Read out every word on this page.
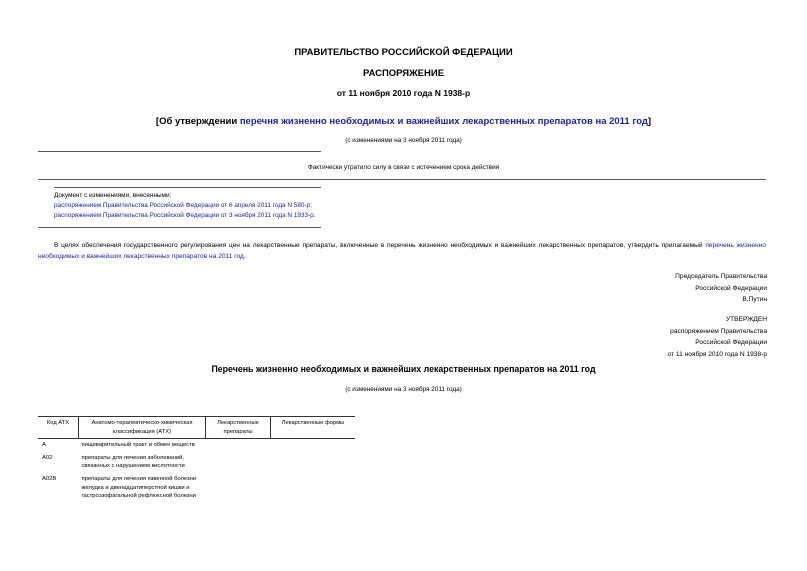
ПРАВИТЕЛЬСТВО РОССИЙСКОЙ ФЕДЕРАЦИИ
РАСПОРЯЖЕНИЕ
от 11 ноября 2010 года N 1938-р
[Об утверждении перечня жизненно необходимых и важнейших лекарственных препаратов на 2011 год]
(с изменениями на 3 ноября 2011 года)
Фактически утратило силу в связи с истечением срока действия
Документ с изменениями, внесенными:
распоряжением Правительства Российской Федерации от 6 апреля 2011 года N 580-р;
распоряжением Правительства Российской Федерации от 3 ноября 2011 года N 1933-р.
В целях обеспечения государственного регулирования цен на лекарственные препараты, включенные в перечень жизненно необходимых и важнейших лекарственных препаратов, утвердить прилагаемый перечень жизненно необходимых и важнейших лекарственных препаратов на 2011 год.
Председатель Правительства
Российской Федерации
В.Путин
УТВЕРЖДЕН
распоряжением Правительства
Российской Федерации
от 11 ноября 2010 года N 1938-р
Перечень жизненно необходимых и важнейших лекарственных препаратов на 2011 год
(с изменениями на 3 ноября 2011 года)
Код АТХ	Анатомо-терапевтическо-химическая классификация (АТХ)	Лекарственные препараты	Лекарственные формы
A	пищеварительный тракт и обмен веществ		
A02	препараты для лечения заболеваний, связанных с нарушением кислотности		
A02B	препараты для лечения язвенной болезни желудка и двенадцатиперстной кишки и гастроэзофагальной рефлюксной болезни		
